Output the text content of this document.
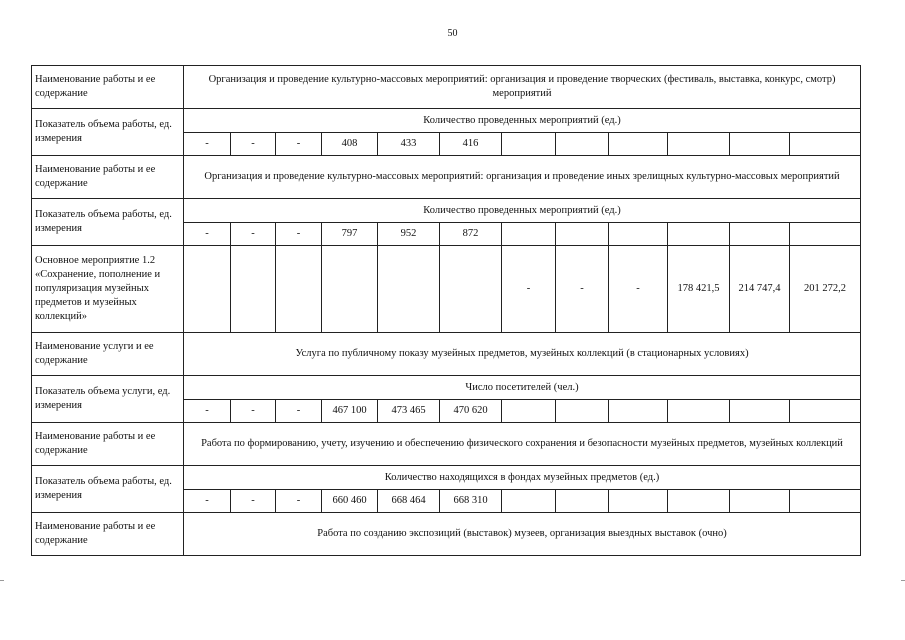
50
Наименование работы и ее содержание	Организация и проведение культурно-массовых мероприятий: организация и проведение творческих (фестиваль, выставка, конкурс, смотр) мероприятий											
Показатель объема работы, ед. измерения	Количество проведенных мероприятий (ед.)											
	-	-	-	408	433	416						
Наименование работы и ее содержание	Организация и проведение культурно-массовых мероприятий: организация и проведение иных зрелищных культурно-массовых мероприятий											
Показатель объема работы, ед. измерения	Количество проведенных мероприятий (ед.)											
	-	-	-	797	952	872						
Основное мероприятие 1.2 «Сохранение, пополнение и популяризация музейных предметов и музейных коллекций»							-	-	-	178 421,5	214 747,4	201 272,2
Наименование услуги и ее содержание	Услуга по публичному показу музейных предметов, музейных коллекций (в стационарных условиях)											
Показатель объема услуги, ед. измерения	Число посетителей (чел.)											
	-	-	-	467 100	473 465	470 620						
Наименование работы и ее содержание	Работа по формированию, учету, изучению и обеспечению физического сохранения и безопасности музейных предметов, музейных коллекций											
Показатель объема работы, ед. измерения	Количество находящихся в фондах музейных предметов (ед.)											
	-	-	-	660 460	668 464	668 310						
Наименование работы и ее содержание	Работа по созданию экспозиций (выставок) музеев, организация выездных выставок (очно)											
